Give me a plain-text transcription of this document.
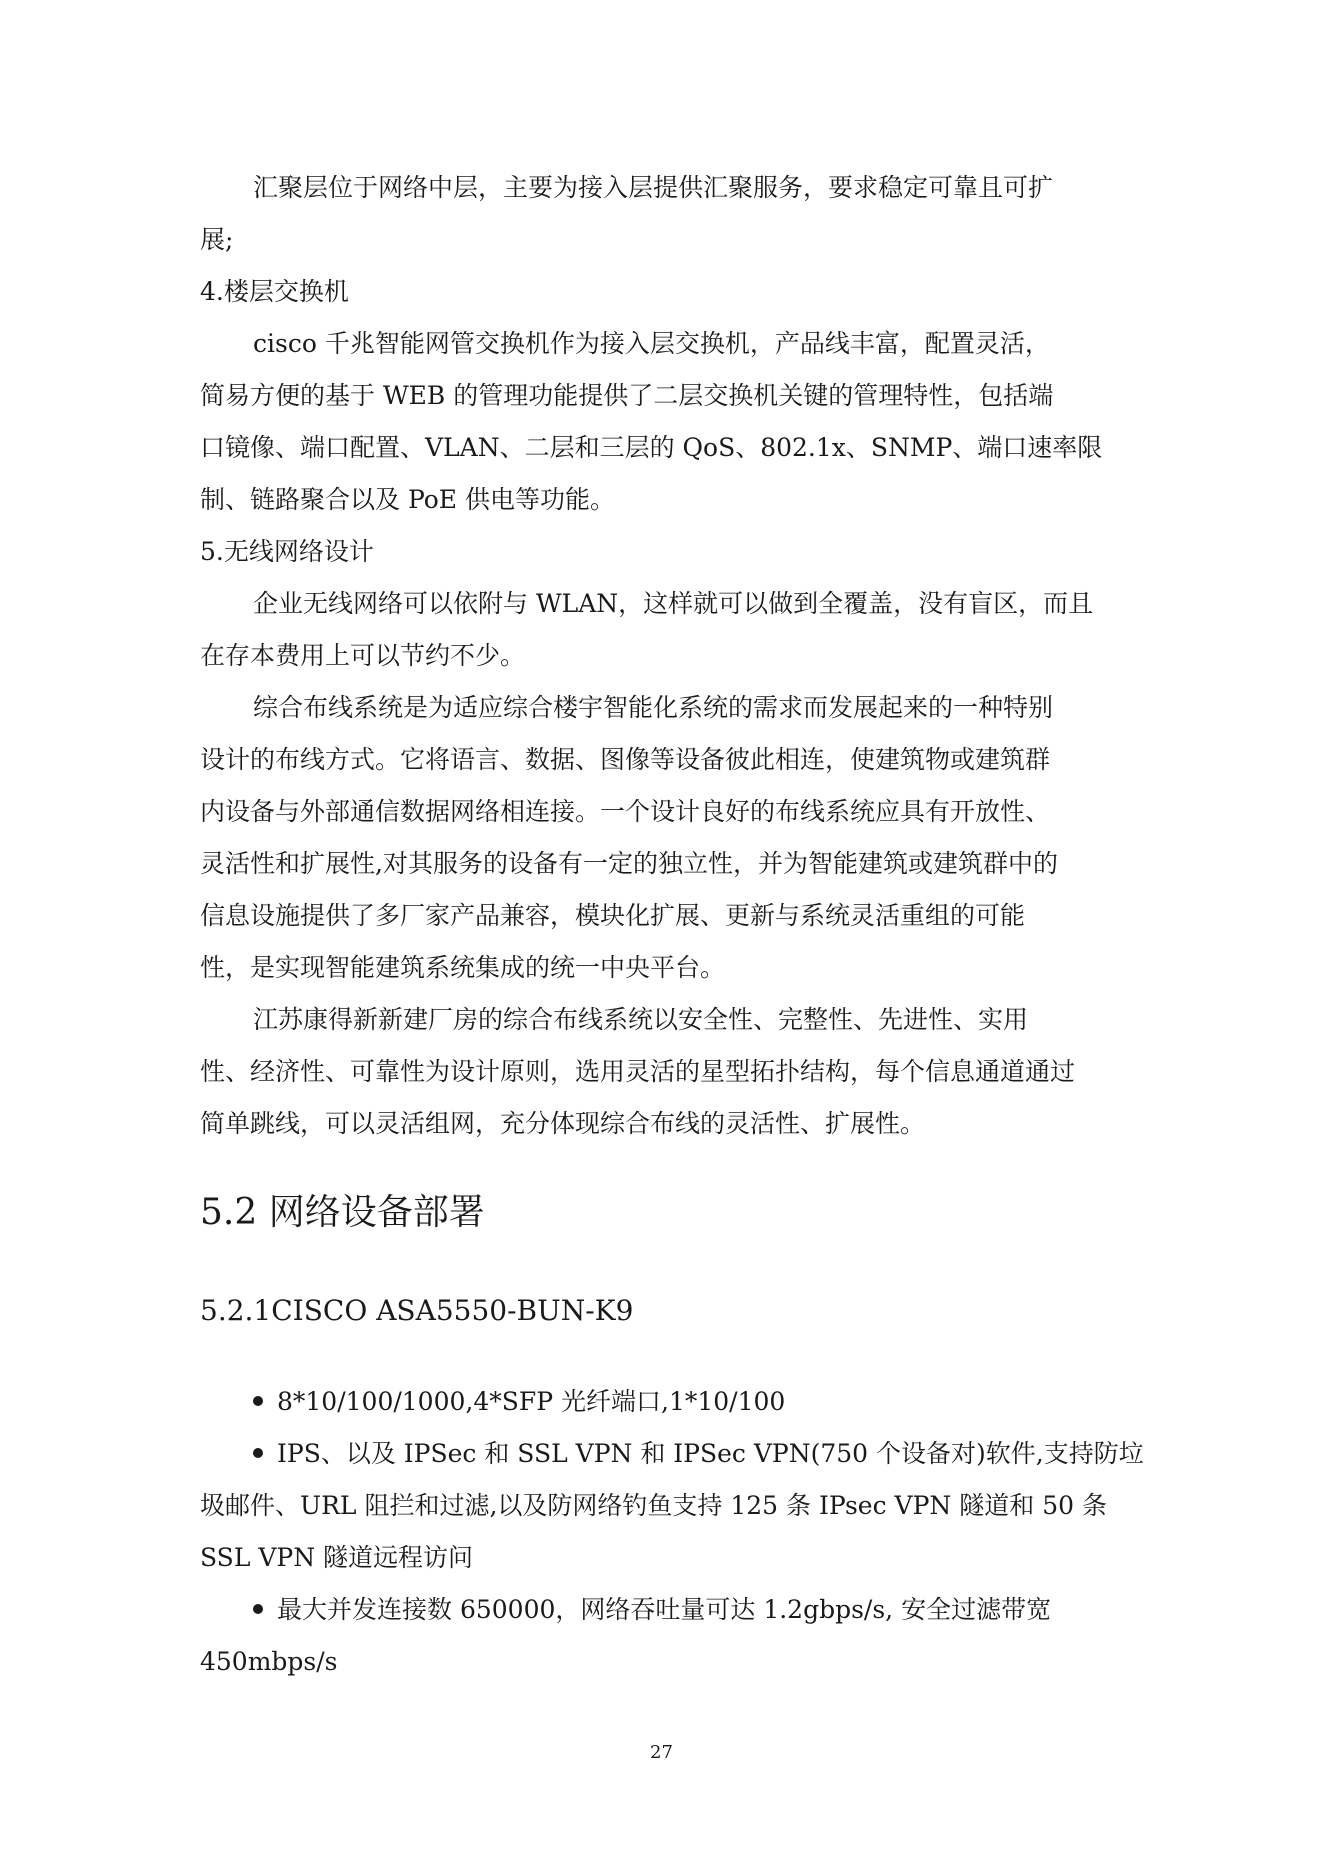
汇聚层位于网络中层，主要为接入层提供汇聚服务，要求稳定可靠且可扩
展;
4.楼层交换机
cisco 千兆智能网管交换机作为接入层交换机，产品线丰富，配置灵活，
简易方便的基于 WEB 的管理功能提供了二层交换机关键的管理特性，包括端
口镜像、端口配置、VLAN、二层和三层的 QoS、802.1x、SNMP、端口速率限
制、链路聚合以及 PoE 供电等功能。
5.无线网络设计
企业无线网络可以依附与 WLAN，这样就可以做到全覆盖，没有盲区，而且
在存本费用上可以节约不少。
综合布线系统是为适应综合楼宇智能化系统的需求而发展起来的一种特别
设计的布线方式。它将语言、数据、图像等设备彼此相连，使建筑物或建筑群
内设备与外部通信数据网络相连接。一个设计良好的布线系统应具有开放性、
灵活性和扩展性,对其服务的设备有一定的独立性，并为智能建筑或建筑群中的
信息设施提供了多厂家产品兼容，模块化扩展、更新与系统灵活重组的可能
性，是实现智能建筑系统集成的统一中央平台。
江苏康得新新建厂房的综合布线系统以安全性、完整性、先进性、实用
性、经济性、可靠性为设计原则，选用灵活的星型拓扑结构，每个信息通道通过
简单跳线，可以灵活组网，充分体现综合布线的灵活性、扩展性。
5.2 网络设备部署
5.2.1CISCO ASA5550-BUN-K9
8*10/100/1000,4*SFP 光纤端口,1*10/100
IPS、以及 IPSec 和 SSL VPN 和 IPSec VPN(750 个设备对)软件,支持防垃
圾邮件、URL 阻拦和过滤,以及防网络钓鱼支持 125 条 IPsec VPN 隧道和 50 条
SSL VPN 隧道远程访问
最大并发连接数 650000，网络吞吐量可达 1.2gbps/s, 安全过滤带宽
450mbps/s
27
